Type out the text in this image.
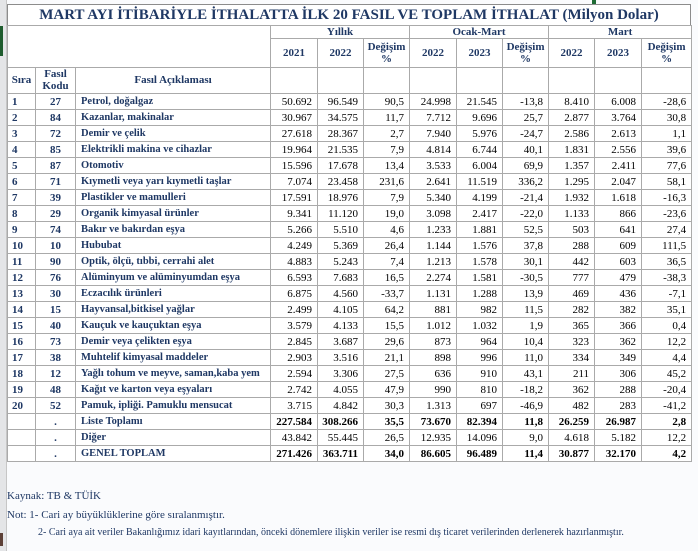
MART AYI İTİBARİYLE İTHALATTA İLK 20 FASIL VE TOPLAM İTHALAT (Milyon Dolar)
			Yıllık			Ocak-Mart			Mart		
			2021	2022	Değişim %	2022	2023	Değişim %	2022	2023	Değişim %
Sıra	Fasıl Kodu	Fasıl Açıklaması									
1	27	Petrol, doğalgaz	50.692	96.549	90,5	24.998	21.545	-13,8	8.410	6.008	-28,6
2	84	Kazanlar, makinalar	30.967	34.575	11,7	7.712	9.696	25,7	2.877	3.764	30,8
3	72	Demir ve çelik	27.618	28.367	2,7	7.940	5.976	-24,7	2.586	2.613	1,1
4	85	Elektrikli makina ve cihazlar	19.964	21.535	7,9	4.814	6.744	40,1	1.831	2.556	39,6
5	87	Otomotiv	15.596	17.678	13,4	3.533	6.004	69,9	1.357	2.411	77,6
6	71	Kıymetli veya yarı kıymetli taşlar	7.074	23.458	231,6	2.641	11.519	336,2	1.295	2.047	58,1
7	39	Plastikler ve mamulleri	17.591	18.976	7,9	5.340	4.199	-21,4	1.932	1.618	-16,3
8	29	Organik kimyasal ürünler	9.341	11.120	19,0	3.098	2.417	-22,0	1.133	866	-23,6
9	74	Bakır ve bakırdan eşya	5.266	5.510	4,6	1.233	1.881	52,5	503	641	27,4
10	10	Hububat	4.249	5.369	26,4	1.144	1.576	37,8	288	609	111,5
11	90	Optik, ölçü, tıbbi, cerrahi alet	4.883	5.243	7,4	1.213	1.578	30,1	442	603	36,5
12	76	Alüminyum ve alüminyumdan eşya	6.593	7.683	16,5	2.274	1.581	-30,5	777	479	-38,3
13	30	Eczacılık ürünleri	6.875	4.560	-33,7	1.131	1.288	13,9	469	436	-7,1
14	15	Hayvansal,bitkisel yağlar	2.499	4.105	64,2	881	982	11,5	282	382	35,1
15	40	Kauçuk ve kauçuktan eşya	3.579	4.133	15,5	1.012	1.032	1,9	365	366	0,4
16	73	Demir veya çelikten eşya	2.845	3.687	29,6	873	964	10,4	323	362	12,2
17	38	Muhtelif kimyasal maddeler	2.903	3.516	21,1	898	996	11,0	334	349	4,4
18	12	Yağlı tohum ve meyve, saman,kaba yem	2.594	3.306	27,5	636	910	43,1	211	306	45,2
19	48	Kağıt ve karton veya eşyaları	2.742	4.055	47,9	990	810	-18,2	362	288	-20,4
20	52	Pamuk, ipliği. Pamuklu mensucat	3.715	4.842	30,3	1.313	697	-46,9	482	283	-41,2
	.	Liste Toplamı	227.584	308.266	35,5	73.670	82.394	11,8	26.259	26.987	2,8
	.	Diğer	43.842	55.445	26,5	12.935	14.096	9,0	4.618	5.182	12,2
	.	GENEL TOPLAM	271.426	363.711	34,0	86.605	96.489	11,4	30.877	32.170	4,2
Kaynak: TB & TÜİK
Not: 1- Cari ay büyüklüklerine göre sıralanmıştır.
2- Cari aya ait veriler Bakanlığımız idari kayıtlarından, önceki dönemlere ilişkin veriler ise resmi dış ticaret verilerinden derlenerek hazırlanmıştır.
